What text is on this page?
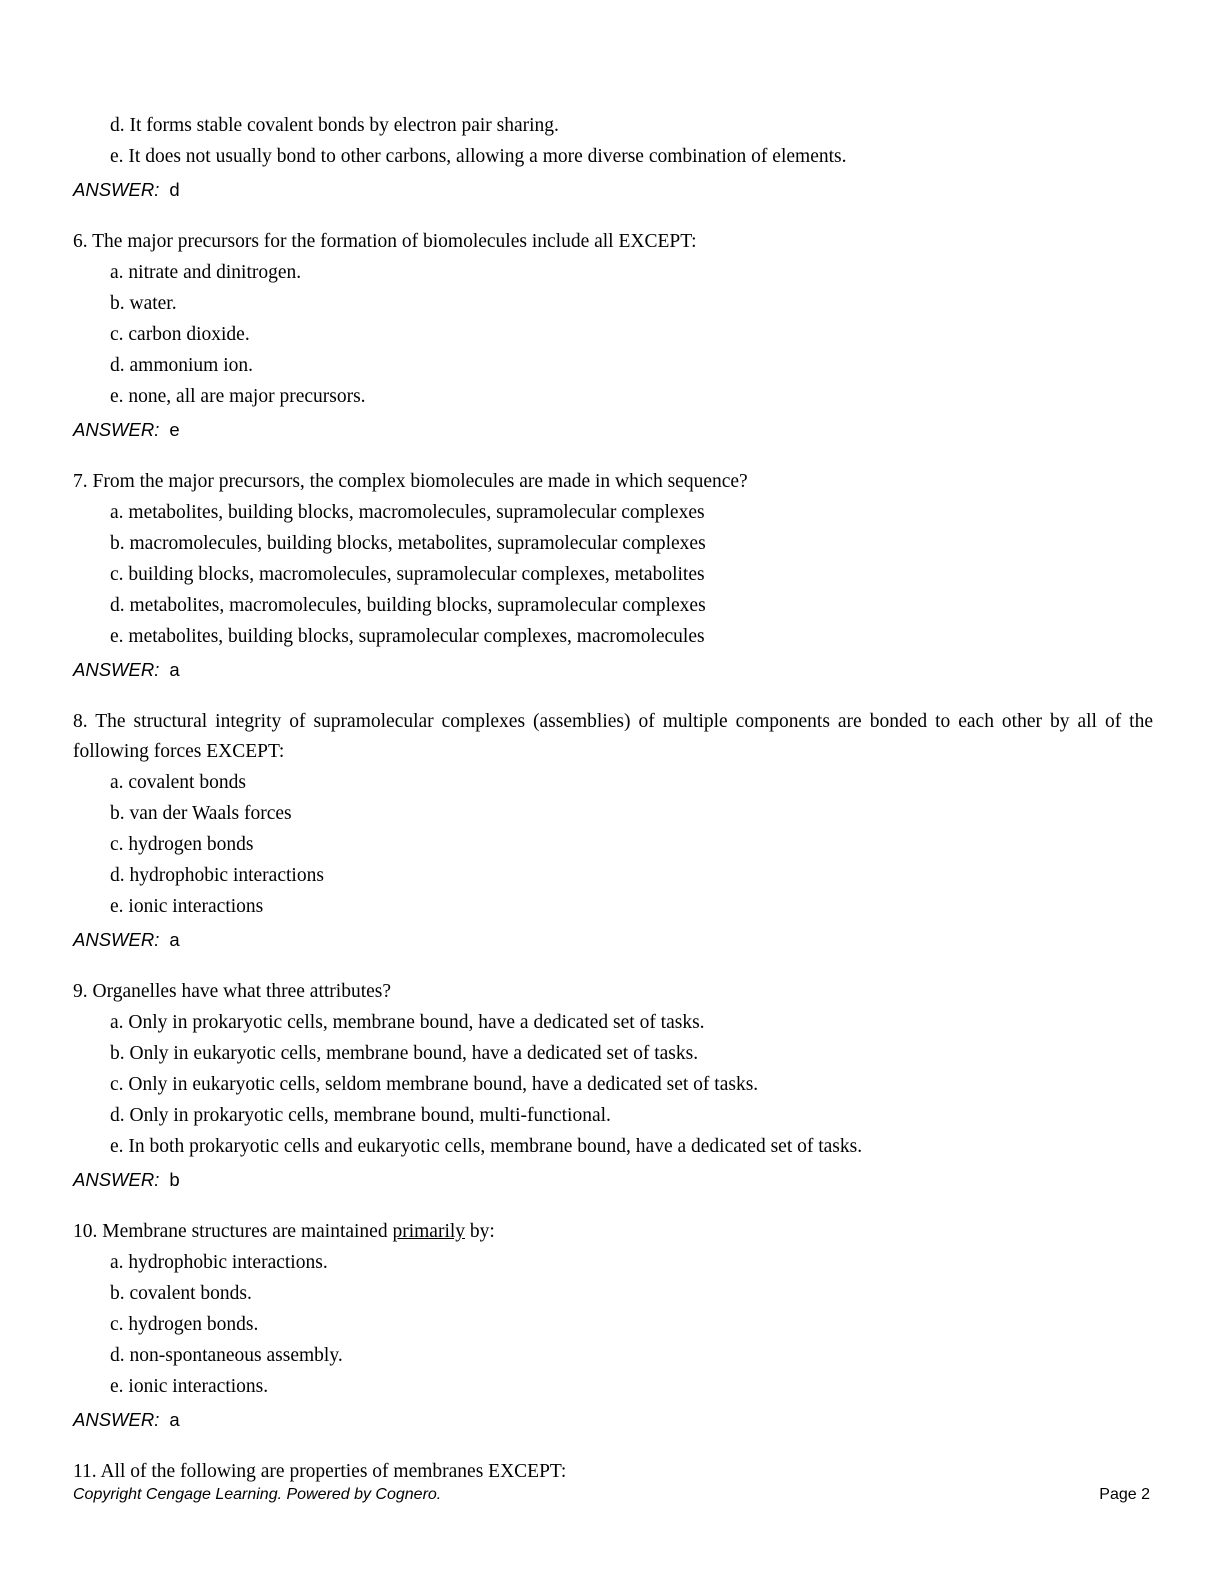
d. It forms stable covalent bonds by electron pair sharing.
e. It does not usually bond to other carbons, allowing a more diverse combination of elements.
ANSWER: d
6. The major precursors for the formation of biomolecules include all EXCEPT:
a. nitrate and dinitrogen.
b. water.
c. carbon dioxide.
d. ammonium ion.
e. none, all are major precursors.
ANSWER: e
7. From the major precursors, the complex biomolecules are made in which sequence?
a. metabolites, building blocks, macromolecules, supramolecular complexes
b. macromolecules, building blocks, metabolites, supramolecular complexes
c. building blocks, macromolecules, supramolecular complexes, metabolites
d. metabolites, macromolecules, building blocks, supramolecular complexes
e. metabolites, building blocks, supramolecular complexes, macromolecules
ANSWER: a
8. The structural integrity of supramolecular complexes (assemblies) of multiple components are bonded to each other by all of the following forces EXCEPT:
a. covalent bonds
b. van der Waals forces
c. hydrogen bonds
d. hydrophobic interactions
e. ionic interactions
ANSWER: a
9. Organelles have what three attributes?
a. Only in prokaryotic cells, membrane bound, have a dedicated set of tasks.
b. Only in eukaryotic cells, membrane bound, have a dedicated set of tasks.
c. Only in eukaryotic cells, seldom membrane bound, have a dedicated set of tasks.
d. Only in prokaryotic cells, membrane bound, multi-functional.
e. In both prokaryotic cells and eukaryotic cells, membrane bound, have a dedicated set of tasks.
ANSWER: b
10. Membrane structures are maintained primarily by:
a. hydrophobic interactions.
b. covalent bonds.
c. hydrogen bonds.
d. non-spontaneous assembly.
e. ionic interactions.
ANSWER: a
11. All of the following are properties of membranes EXCEPT:
Copyright Cengage Learning. Powered by Cognero.	Page 2
